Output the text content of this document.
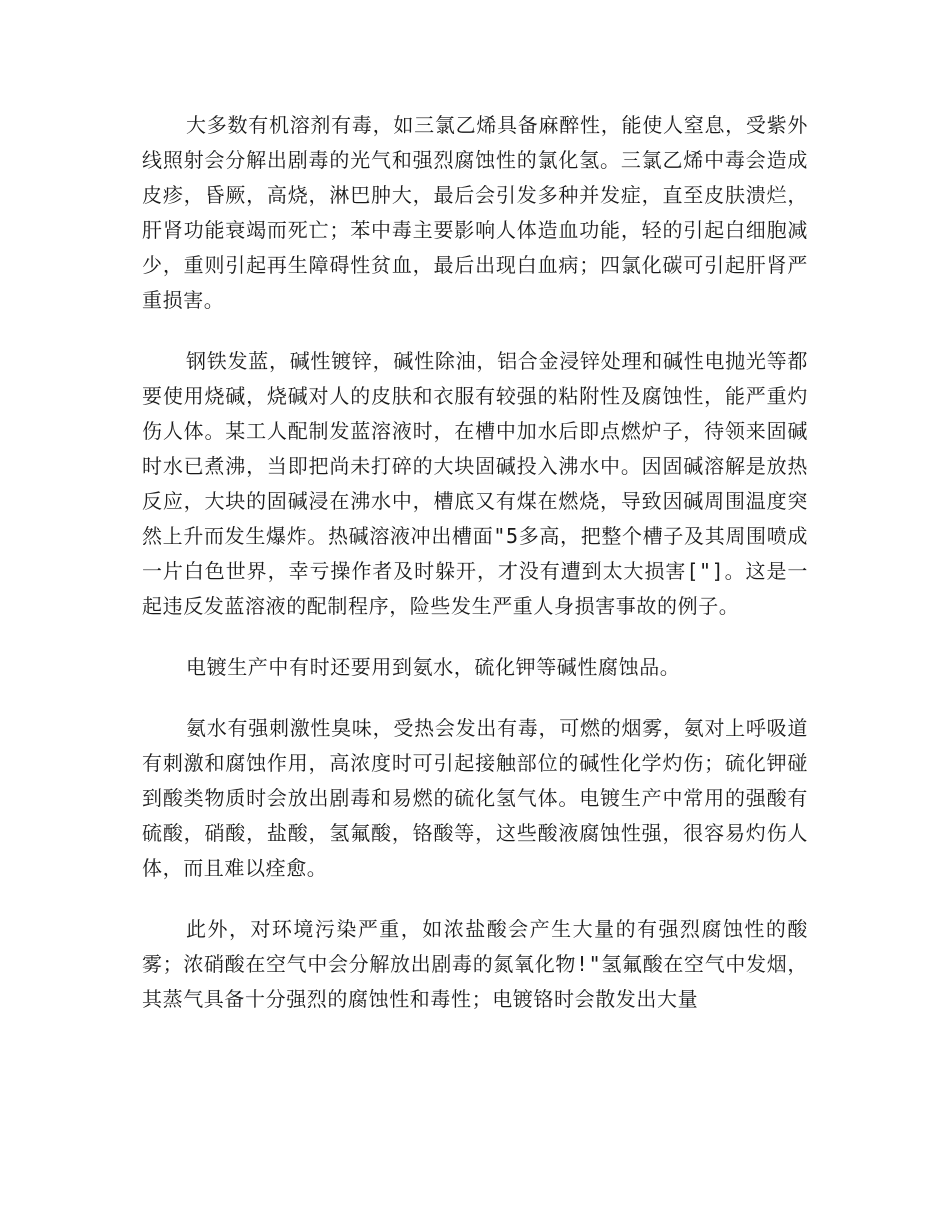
大多数有机溶剂有毒，如三氯乙烯具备麻醉性，能使人窒息，受紫外线照射会分解出剧毒的光气和强烈腐蚀性的氯化氢。三氯乙烯中毒会造成皮疹，昏厥，高烧，淋巴肿大，最后会引发多种并发症，直至皮肤溃烂，肝肾功能衰竭而死亡；苯中毒主要影响人体造血功能，轻的引起白细胞减少，重则引起再生障碍性贫血，最后出现白血病；四氯化碳可引起肝肾严重损害。

钢铁发蓝，碱性镀锌，碱性除油，铝合金浸锌处理和碱性电抛光等都要使用烧碱，烧碱对人的皮肤和衣服有较强的粘附性及腐蚀性，能严重灼伤人体。某工人配制发蓝溶液时，在槽中加水后即点燃炉子，待领来固碱时水已煮沸，当即把尚未打碎的大块固碱投入沸水中。因固碱溶解是放热反应，大块的固碱浸在沸水中，槽底又有煤在燃烧，导致因碱周围温度突然上升而发生爆炸。热碱溶液冲出槽面"5多高，把整个槽子及其周围喷成一片白色世界，幸亏操作者及时躲开，才没有遭到太大损害["]。这是一起违反发蓝溶液的配制程序，险些发生严重人身损害事故的例子。

电镀生产中有时还要用到氨水，硫化钾等碱性腐蚀品。

氨水有强刺激性臭味，受热会发出有毒，可燃的烟雾，氨对上呼吸道有刺激和腐蚀作用，高浓度时可引起接触部位的碱性化学灼伤；硫化钾碰到酸类物质时会放出剧毒和易燃的硫化氢气体。电镀生产中常用的强酸有硫酸，硝酸，盐酸，氢氟酸，铬酸等，这些酸液腐蚀性强，很容易灼伤人体，而且难以痊愈。

此外，对环境污染严重，如浓盐酸会产生大量的有强烈腐蚀性的酸雾；浓硝酸在空气中会分解放出剧毒的氮氧化物!"氢氟酸在空气中发烟，其蒸气具备十分强烈的腐蚀性和毒性；电镀铬时会散发出大量
